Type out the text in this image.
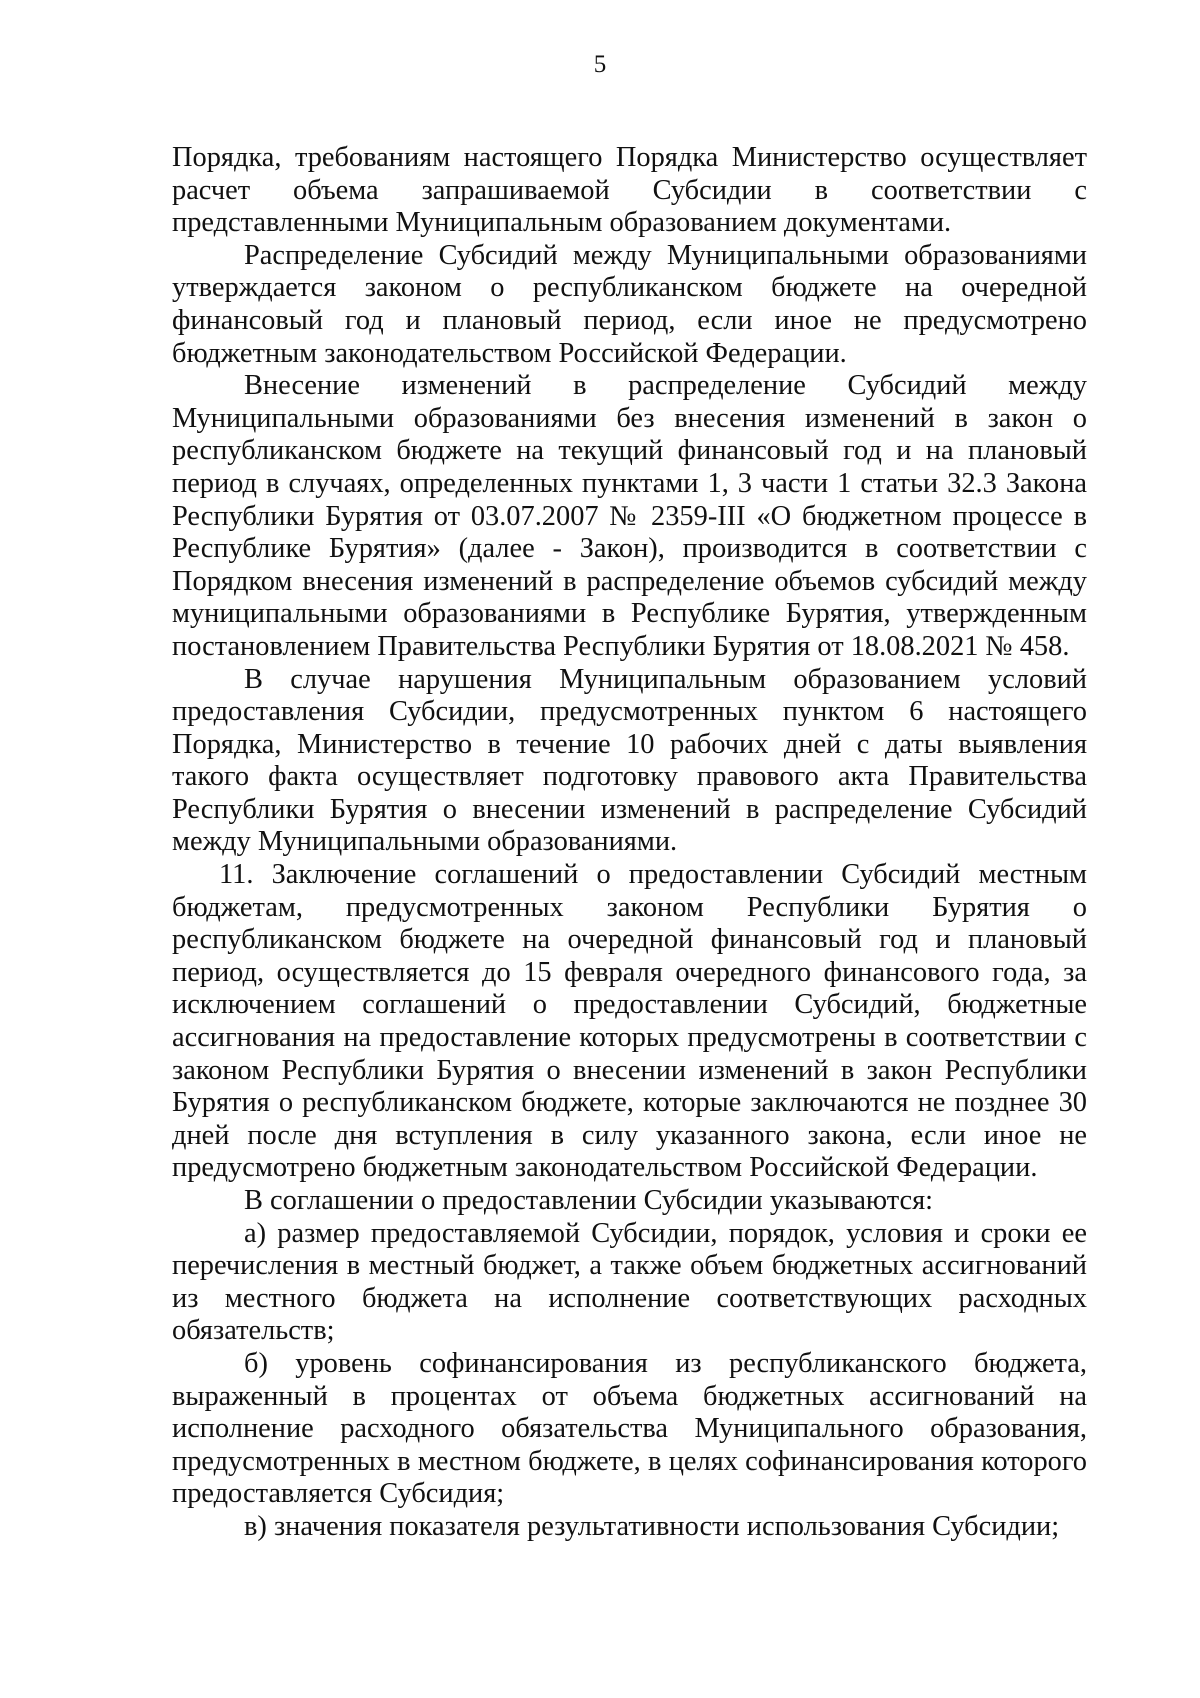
5

Порядка, требованиям настоящего Порядка Министерство осуществляет расчет объема запрашиваемой Субсидии в соответствии с представленными Муниципальным образованием документами.

Распределение Субсидий между Муниципальными образованиями утверждается законом о республиканском бюджете на очередной финансовый год и плановый период, если иное не предусмотрено бюджетным законодательством Российской Федерации.

Внесение изменений в распределение Субсидий между Муниципальными образованиями без внесения изменений в закон о республиканском бюджете на текущий финансовый год и на плановый период в случаях, определенных пунктами 1, 3 части 1 статьи 32.3 Закона Республики Бурятия от 03.07.2007 № 2359-III «О бюджетном процессе в Республике Бурятия» (далее - Закон), производится в соответствии с Порядком внесения изменений в распределение объемов субсидий между муниципальными образованиями в Республике Бурятия, утвержденным постановлением Правительства Республики Бурятия от 18.08.2021 № 458.

В случае нарушения Муниципальным образованием условий предоставления Субсидии, предусмотренных пунктом 6 настоящего Порядка, Министерство в течение 10 рабочих дней с даты выявления такого факта осуществляет подготовку правового акта Правительства Республики Бурятия о внесении изменений в распределение Субсидий между Муниципальными образованиями.

11. Заключение соглашений о предоставлении Субсидий местным бюджетам, предусмотренных законом Республики Бурятия о республиканском бюджете на очередной финансовый год и плановый период, осуществляется до 15 февраля очередного финансового года, за исключением соглашений о предоставлении Субсидий, бюджетные ассигнования на предоставление которых предусмотрены в соответствии с законом Республики Бурятия о внесении изменений в закон Республики Бурятия о республиканском бюджете, которые заключаются не позднее 30 дней после дня вступления в силу указанного закона, если иное не предусмотрено бюджетным законодательством Российской Федерации.

В соглашении о предоставлении Субсидии указываются:

а) размер предоставляемой Субсидии, порядок, условия и сроки ее перечисления в местный бюджет, а также объем бюджетных ассигнований из местного бюджета на исполнение соответствующих расходных обязательств;

б) уровень софинансирования из республиканского бюджета, выраженный в процентах от объема бюджетных ассигнований на исполнение расходного обязательства Муниципального образования, предусмотренных в местном бюджете, в целях софинансирования которого предоставляется Субсидия;

в) значения показателя результативности использования Субсидии;
